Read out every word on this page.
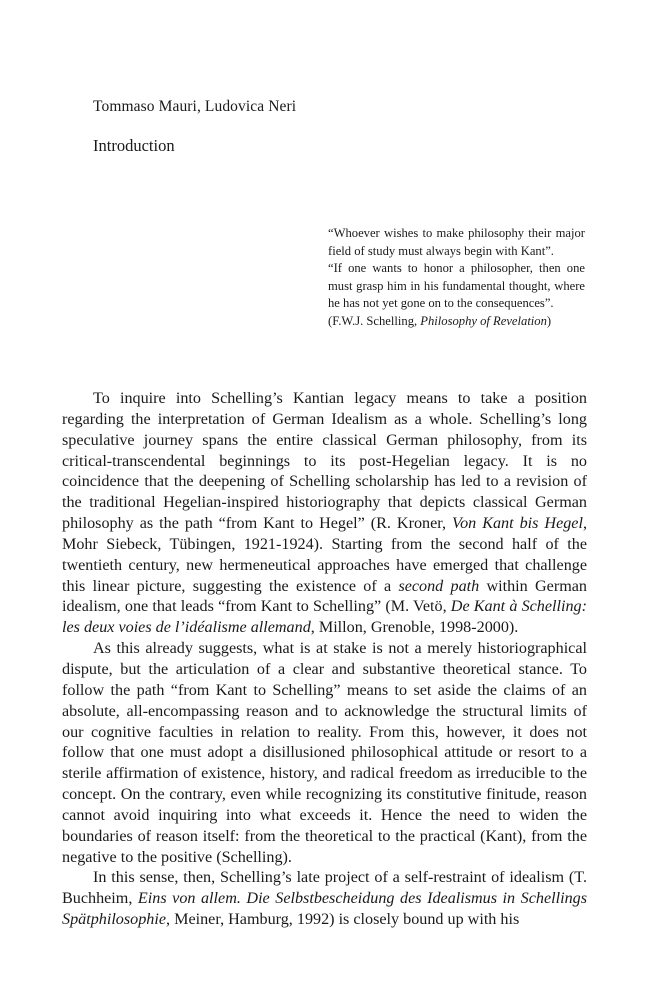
Tommaso Mauri, Ludovica Neri
Introduction

“Whoever wishes to make philosophy their major field of study must always begin with Kant”.

“If one wants to honor a philosopher, then one must grasp him in his fundamental thought, where he has not yet gone on to the consequences”.

(F.W.J. Schelling, Philosophy of Revelation)

To inquire into Schelling’s Kantian legacy means to take a position regarding the interpretation of German Idealism as a whole. Schelling’s long speculative journey spans the entire classical German philosophy, from its critical-transcendental beginnings to its post-Hegelian legacy. It is no coincidence that the deepening of Schelling scholarship has led to a revision of the traditional Hegelian-inspired historiography that depicts classical German philosophy as the path “from Kant to Hegel” (R. Kroner, Von Kant bis Hegel, Mohr Siebeck, Tübingen, 1921-1924). Starting from the second half of the twentieth century, new hermeneutical approaches have emerged that challenge this linear picture, suggesting the existence of a second path within German idealism, one that leads “from Kant to Schelling” (M. Vetö, De Kant à Schelling: les deux voies de l’idéalisme allemand, Millon, Grenoble, 1998-2000).

As this already suggests, what is at stake is not a merely historiographical dispute, but the articulation of a clear and substantive theoretical stance. To follow the path “from Kant to Schelling” means to set aside the claims of an absolute, all-encompassing reason and to acknowledge the structural limits of our cognitive faculties in relation to reality. From this, however, it does not follow that one must adopt a disillusioned philosophical attitude or resort to a sterile affirmation of existence, history, and radical freedom as irreducible to the concept. On the contrary, even while recognizing its constitutive finitude, reason cannot avoid inquiring into what exceeds it. Hence the need to widen the boundaries of reason itself: from the theoretical to the practical (Kant), from the negative to the positive (Schelling).

In this sense, then, Schelling’s late project of a self-restraint of idealism (T. Buchheim, Eins von allem. Die Selbstbescheidung des Idealismus in Schellings Spätphilosophie, Meiner, Hamburg, 1992) is closely bound up with his
